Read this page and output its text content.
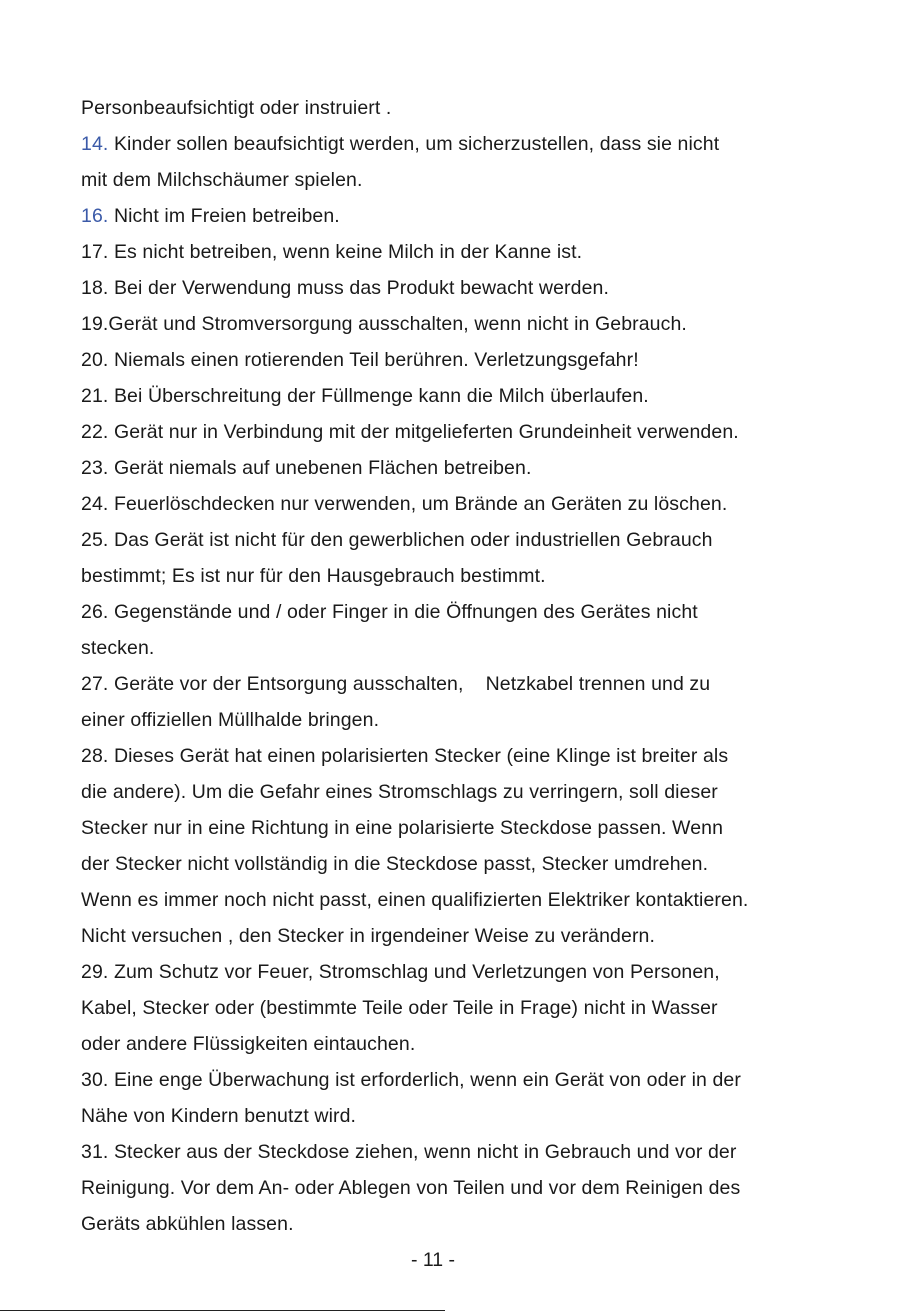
Personbeaufsichtigt oder instruiert .
14. Kinder sollen beaufsichtigt werden, um sicherzustellen, dass sie nicht
mit dem Milchschäumer spielen.
16. Nicht im Freien betreiben.
17. Es nicht betreiben, wenn keine Milch in der Kanne ist.
18. Bei der Verwendung muss das Produkt bewacht werden.
19.Gerät und Stromversorgung ausschalten, wenn nicht in Gebrauch.
20. Niemals einen rotierenden Teil berühren. Verletzungsgefahr!
21. Bei Überschreitung der Füllmenge kann die Milch überlaufen.
22. Gerät nur in Verbindung mit der mitgelieferten Grundeinheit verwenden.
23. Gerät niemals auf unebenen Flächen betreiben.
24. Feuerlöschdecken nur verwenden, um Brände an Geräten zu löschen.
25. Das Gerät ist nicht für den gewerblichen oder industriellen Gebrauch
bestimmt; Es ist nur für den Hausgebrauch bestimmt.
26. Gegenstände und / oder Finger in die Öffnungen des Gerätes nicht
stecken.
27. Geräte vor der Entsorgung ausschalten,    Netzkabel trennen und zu
einer offiziellen Müllhalde bringen.
28. Dieses Gerät hat einen polarisierten Stecker (eine Klinge ist breiter als
die andere). Um die Gefahr eines Stromschlags zu verringern, soll dieser
Stecker nur in eine Richtung in eine polarisierte Steckdose passen. Wenn
der Stecker nicht vollständig in die Steckdose passt, Stecker umdrehen.
Wenn es immer noch nicht passt, einen qualifizierten Elektriker kontaktieren.
Nicht versuchen , den Stecker in irgendeiner Weise zu verändern.
29. Zum Schutz vor Feuer, Stromschlag und Verletzungen von Personen,
Kabel, Stecker oder (bestimmte Teile oder Teile in Frage) nicht in Wasser
oder andere Flüssigkeiten eintauchen.
30. Eine enge Überwachung ist erforderlich, wenn ein Gerät von oder in der
Nähe von Kindern benutzt wird.
31. Stecker aus der Steckdose ziehen, wenn nicht in Gebrauch und vor der
Reinigung. Vor dem An- oder Ablegen von Teilen und vor dem Reinigen des
Geräts abkühlen lassen.
- 11 -
